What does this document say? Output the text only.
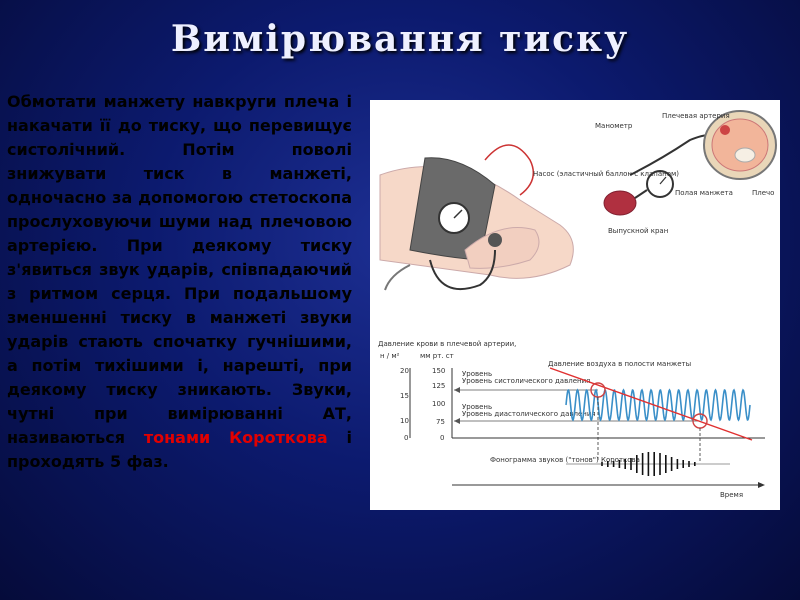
Вимірювання тиску
Обмотати манжету навкруги плеча і накачати її до тиску, що перевищує систолічний. Потім поволі знижувати тиск в манжеті, одночасно за допомогою стетоскопа прослуховуючи шуми над плечовою артерією. При деякому тиску з'явиться звук ударів, співпадаючий з ритмом серця. При подальшому зменшенні тиску в манжеті звуки ударів стають спочатку гучнішими, а потім тихішими і, нарешті, при деякому тиску зникають. Звуки, чутні при вимірюванні АТ, називаються тонами Короткова і проходять 5 фаз.
Манометр
Плечевая артерия
Насос (эластичный баллон с клапаном)
Полая манжета	Плечо
Выпускной кран
Давление крови в плечевой артерии,
н / м²	мм рт. ст
Давление воздуха в полости манжеты
20
15
10
0
150
125
100
75
0
Уровень
Уровень систолического давления
Уровень
Уровень диастолического давления
Фонограмма звуков ("тонов") Короткова
Время
